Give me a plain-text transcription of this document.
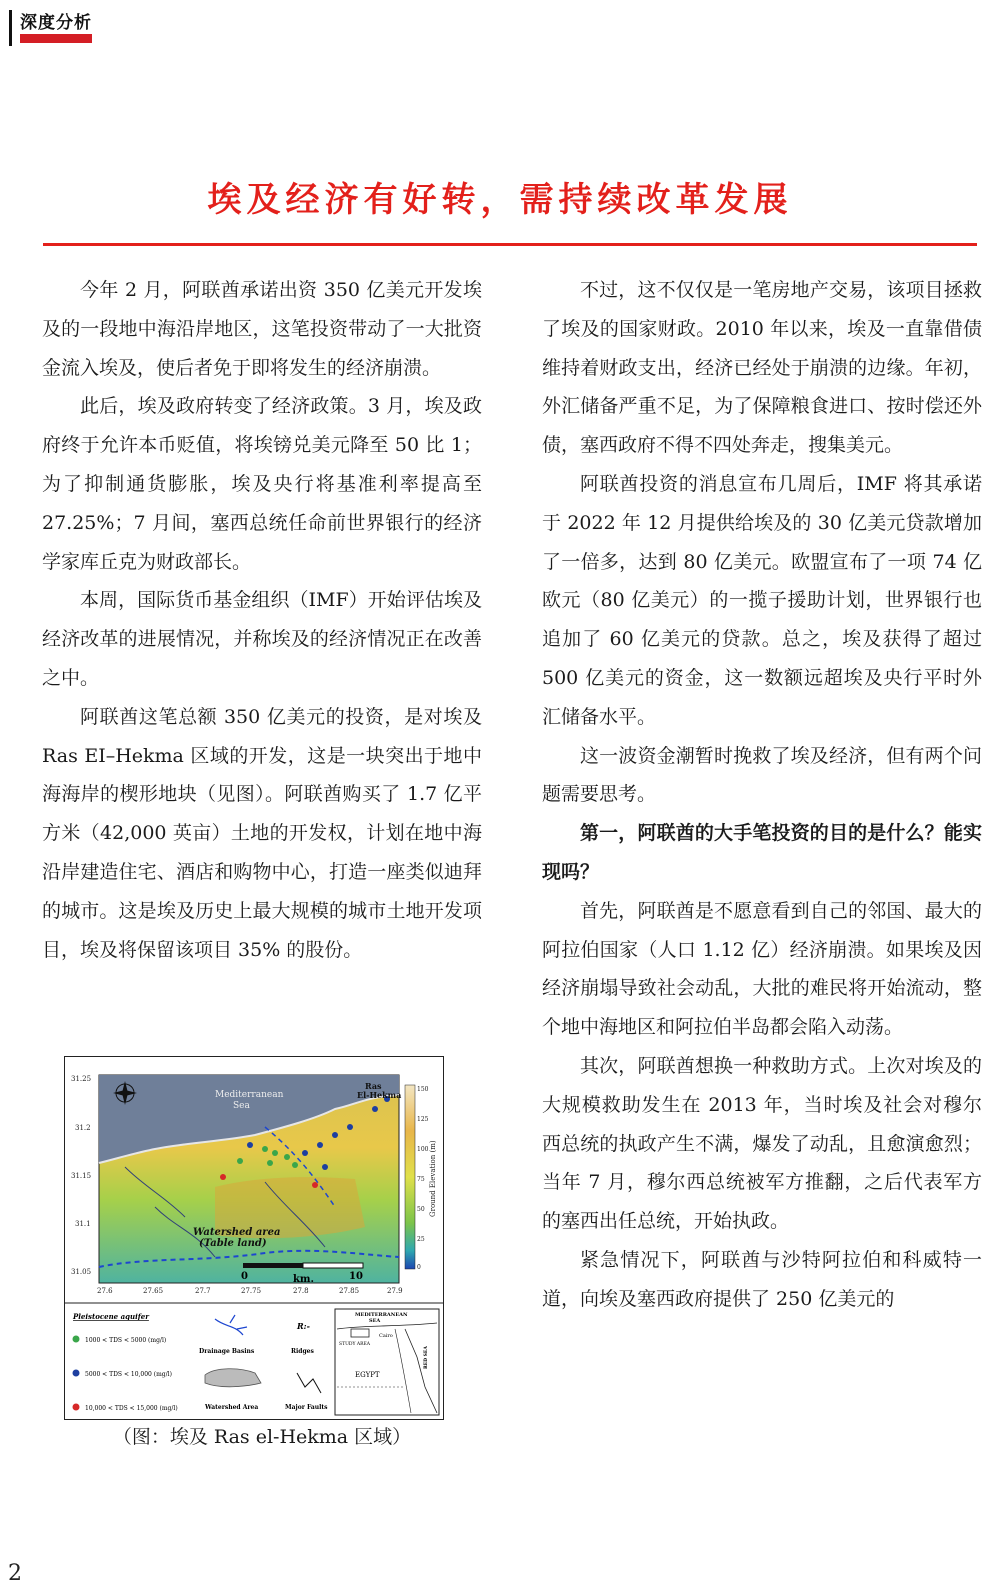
深度分析
埃及经济有好转，需持续改革发展

今年 2 月，阿联酋承诺出资 350 亿美元开发埃及的一段地中海沿岸地区，这笔投资带动了一大批资金流入埃及，使后者免于即将发生的经济崩溃。

此后，埃及政府转变了经济政策。3 月，埃及政府终于允许本币贬值，将埃镑兑美元降至 50 比 1；为了抑制通货膨胀，埃及央行将基准利率提高至 27.25%；7 月间，塞西总统任命前世界银行的经济学家库丘克为财政部长。

本周，国际货币基金组织（IMF）开始评估埃及经济改革的进展情况，并称埃及的经济情况正在改善之中。

阿联酋这笔总额 350 亿美元的投资，是对埃及 Ras EI–Hekma 区域的开发，这是一块突出于地中海海岸的楔形地块（见图）。阿联酋购买了 1.7 亿平方米（42,000 英亩）土地的开发权，计划在地中海沿岸建造住宅、酒店和购物中心，打造一座类似迪拜的城市。这是埃及历史上最大规模的城市土地开发项目，埃及将保留该项目 35% 的股份。

Mediterranean
Sea
Ras
El-Hekma
Watershed area
(Table land)
0	10
km.
31.25
31.2
31.15
31.1
31.05
27.6	27.65	27.7	27.75	27.8	27.85	27.9
150
125
100
75
50
25
0
Ground Elevation (m)
Pleistocene aquifer
1000 < TDS < 5000 (mg/l)
5000 < TDS < 10,000 (mg/l)
10,000 < TDS < 15,000 (mg/l)
Drainage Basins
R:-
Ridges
Watershed Area	Major Faults
MEDITERRANEAN
SEA
STUDY AREA
Cairo
EGYPT
RED SEA
（图：埃及 Ras el-Hekma 区域）

不过，这不仅仅是一笔房地产交易，该项目拯救了埃及的国家财政。2010 年以来，埃及一直靠借债维持着财政支出，经济已经处于崩溃的边缘。年初，外汇储备严重不足，为了保障粮食进口、按时偿还外债，塞西政府不得不四处奔走，搜集美元。

阿联酋投资的消息宣布几周后，IMF 将其承诺于 2022 年 12 月提供给埃及的 30 亿美元贷款增加了一倍多，达到 80 亿美元。欧盟宣布了一项 74 亿欧元（80 亿美元）的一揽子援助计划，世界银行也追加了 60 亿美元的贷款。总之，埃及获得了超过 500 亿美元的资金，这一数额远超埃及央行平时外汇储备水平。

这一波资金潮暂时挽救了埃及经济，但有两个问题需要思考。

第一，阿联酋的大手笔投资的目的是什么？能实现吗？

首先，阿联酋是不愿意看到自己的邻国、最大的阿拉伯国家（人口 1.12 亿）经济崩溃。如果埃及因经济崩塌导致社会动乱，大批的难民将开始流动，整个地中海地区和阿拉伯半岛都会陷入动荡。

其次，阿联酋想换一种救助方式。上次对埃及的大规模救助发生在 2013 年，当时埃及社会对穆尔西总统的执政产生不满，爆发了动乱，且愈演愈烈；当年 7 月，穆尔西总统被军方推翻，之后代表军方的塞西出任总统，开始执政。

紧急情况下，阿联酋与沙特阿拉伯和科威特一道，向埃及塞西政府提供了 250 亿美元的

2
